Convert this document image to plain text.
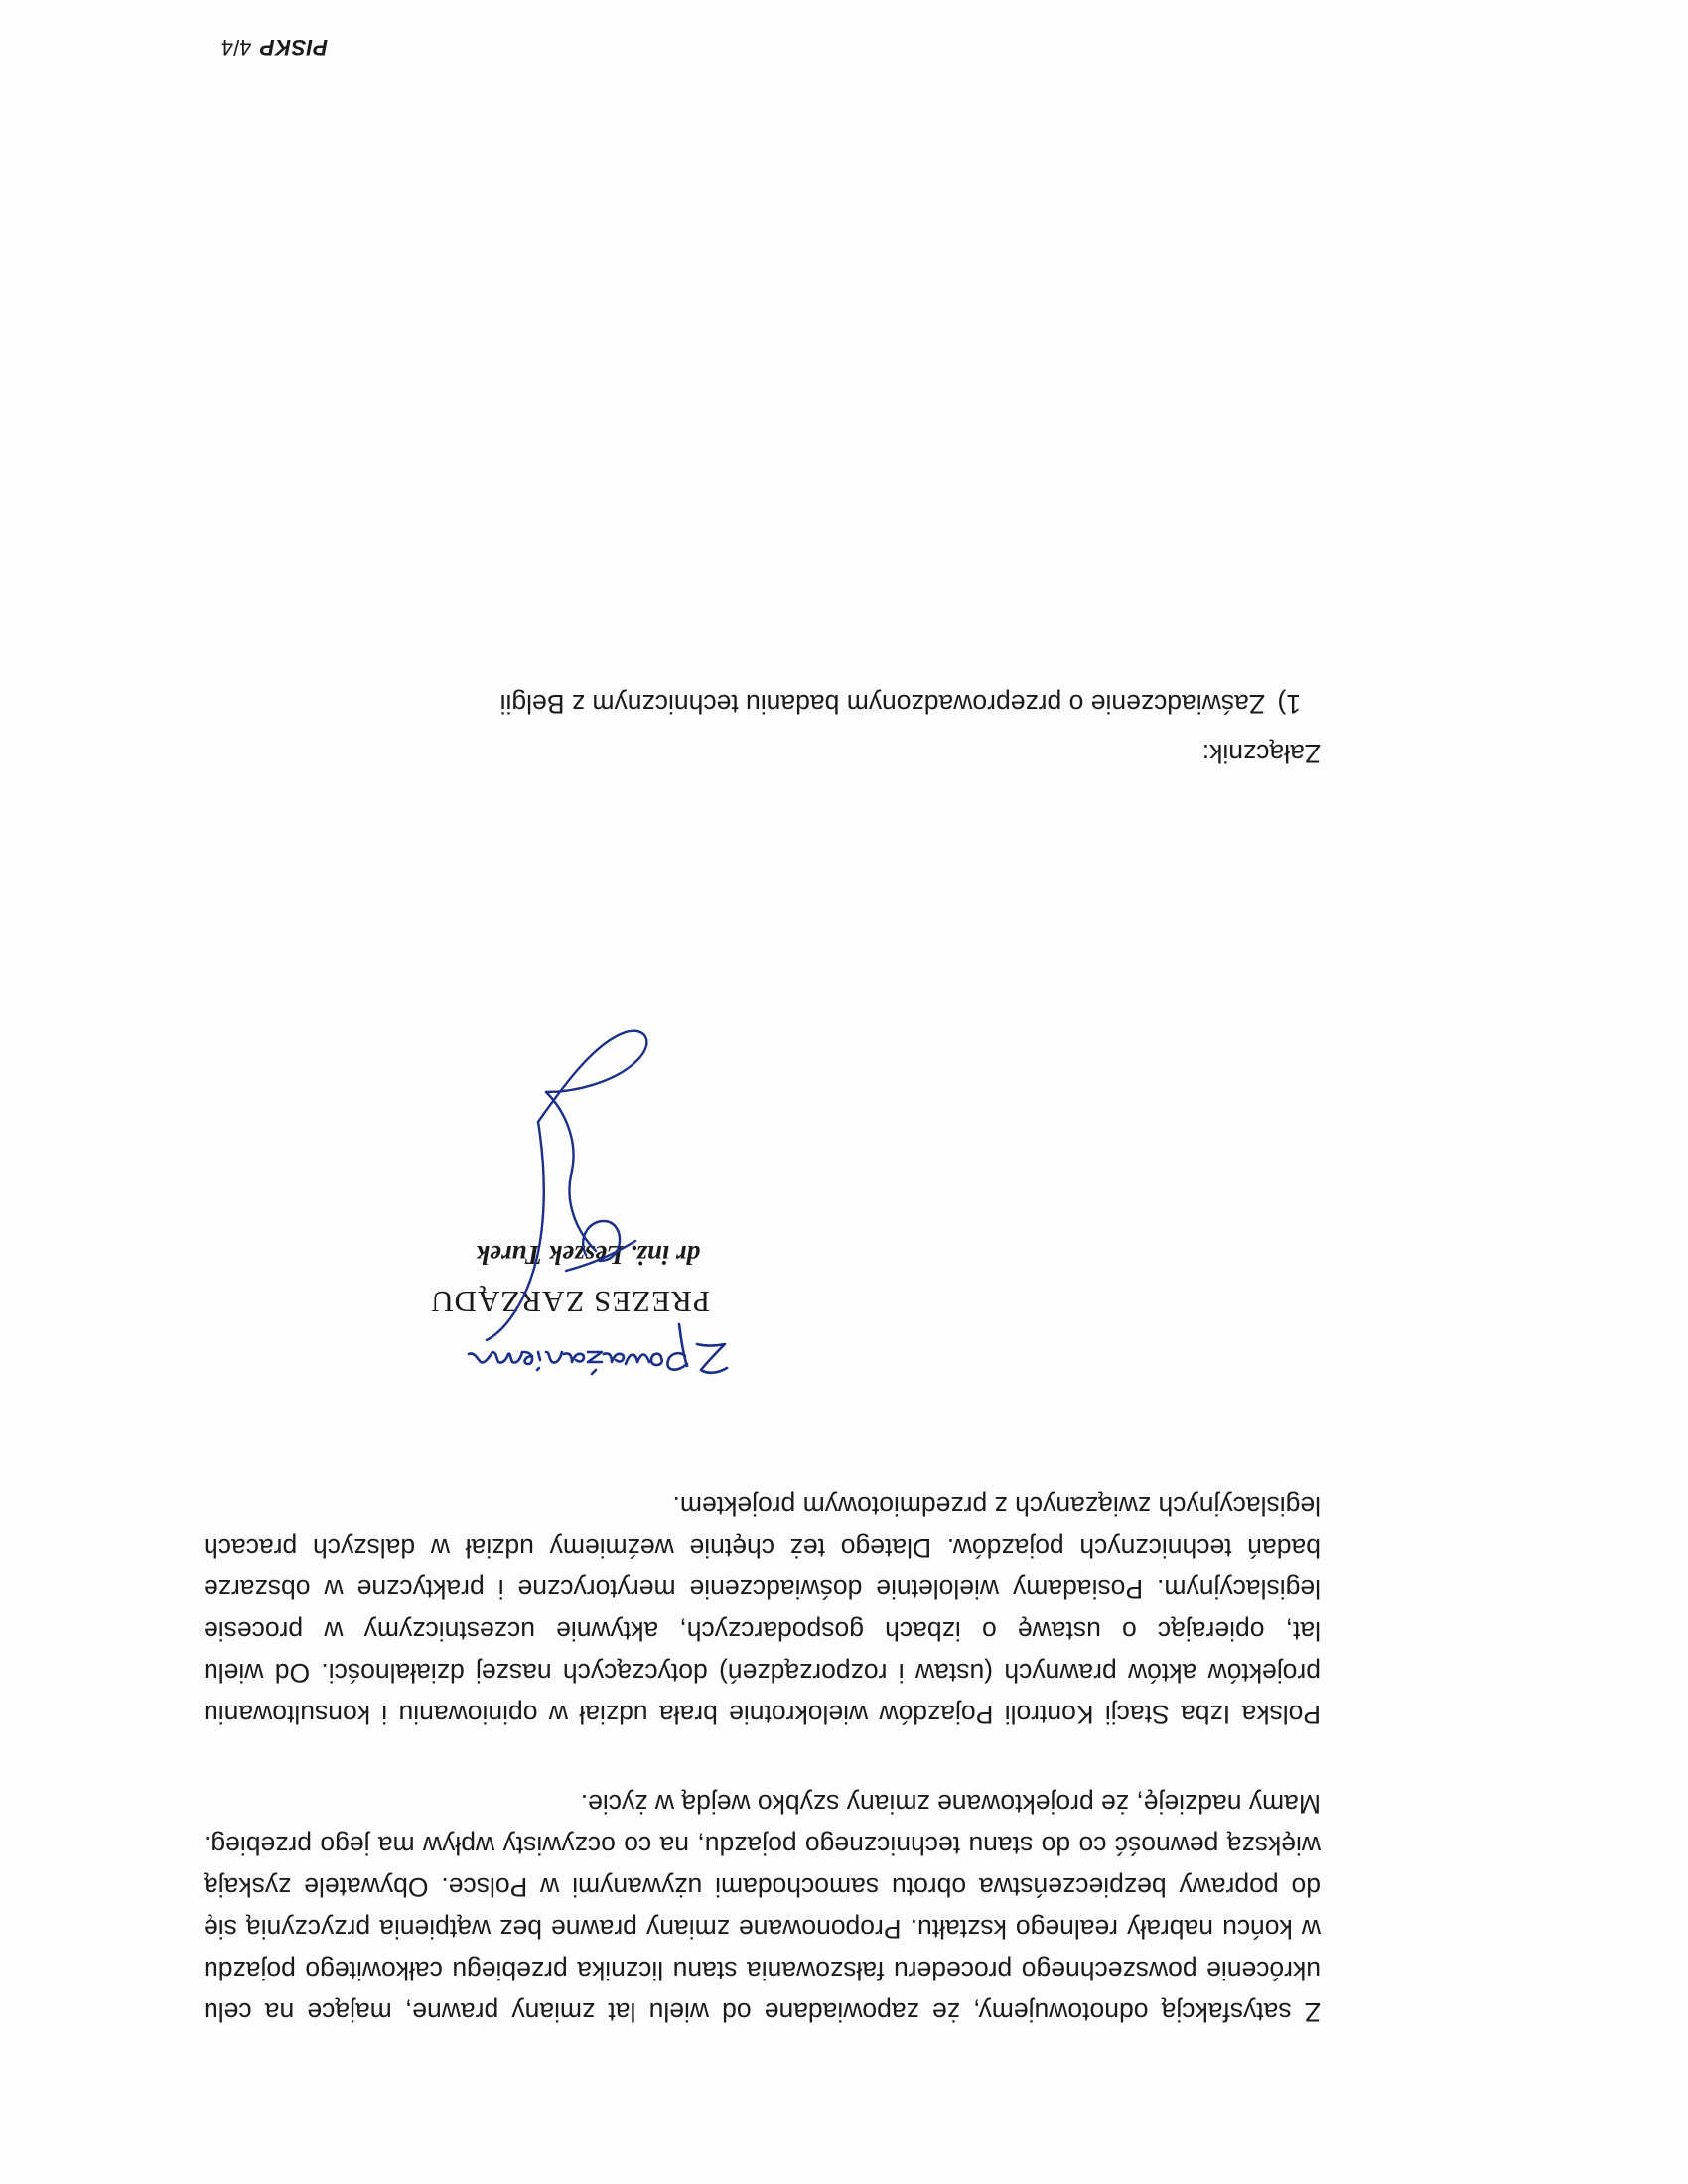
Z satysfakcją odnotowujemy, że zapowiadane od wielu lat zmiany prawne, mające na celu ukrócenie powszechnego procederu fałszowania stanu licznika przebiegu całkowitego pojazdu w końcu nabrały realnego kształtu. Proponowane zmiany prawne bez wątpienia przyczynią się do poprawy bezpieczeństwa obrotu samochodami używanymi w Polsce. Obywatele zyskają większą pewność co do stanu technicznego pojazdu, na co oczywisty wpływ ma jego przebieg. Mamy nadzieję, że projektowane zmiany szybko wejdą w życie.

Polska Izba Stacji Kontroli Pojazdów wielokrotnie brała udział w opiniowaniu i konsultowaniu projektów aktów prawnych (ustaw i rozporządzeń) dotyczących naszej działalności. Od wielu lat, opierając o ustawę o izbach gospodarczych, aktywnie uczestniczymy w procesie legislacyjnym. Posiadamy wieloletnie doświadczenie merytoryczne i praktyczne w obszarze badań technicznych pojazdów. Dlatego też chętnie weźmiemy udział w dalszych pracach legislacyjnych związanych z przedmiotowym projektem.

PREZES ZARZĄDU

dr inż. Leszek Turek

Załącznik:

1)Zaświadczenie o przeprowadzonym badaniu technicznym z Belgii
PISKP4/4
